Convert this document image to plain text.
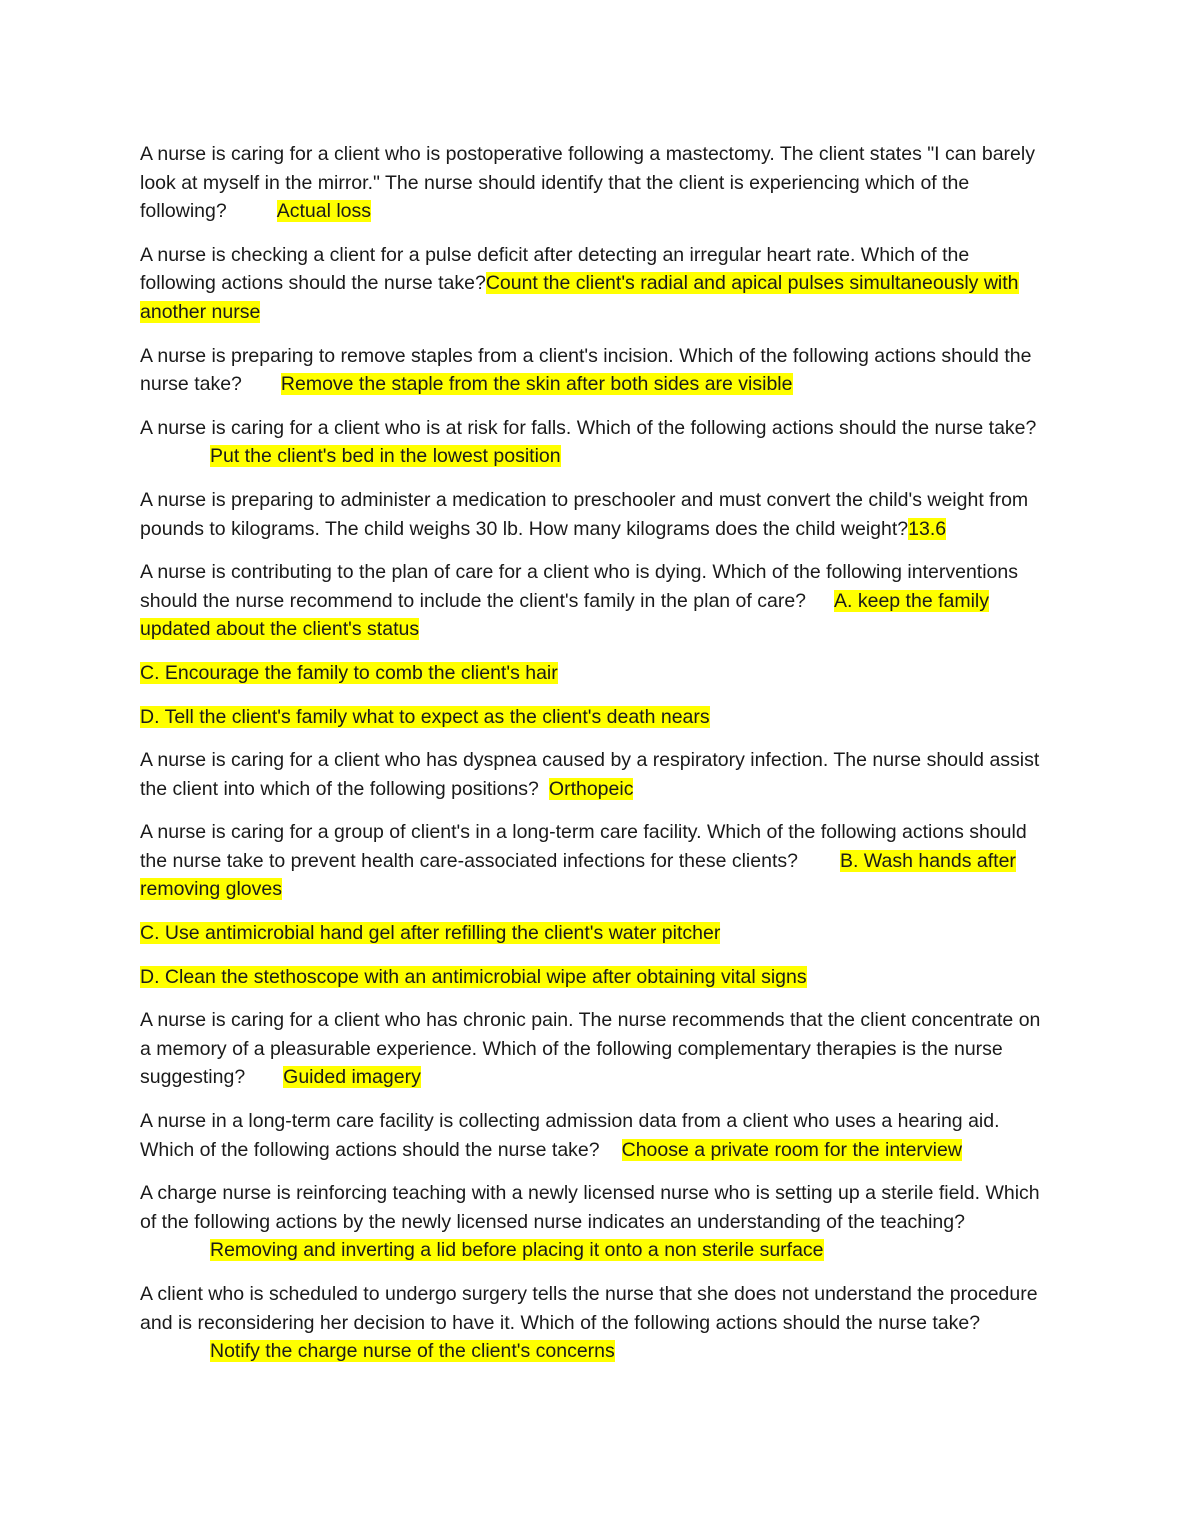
A nurse is caring for a client who is postoperative following a mastectomy. The client states "I can barely look at myself in the mirror." The nurse should identify that the client is experiencing which of the following?	Actual loss

A nurse is checking a client for a pulse deficit after detecting an irregular heart rate. Which of the following actions should the nurse take?Count the client's radial and apical pulses simultaneously with another nurse

A nurse is preparing to remove staples from a client's incision. Which of the following actions should the nurse take? Remove the staple from the skin after both sides are visible

A nurse is caring for a client who is at risk for falls. Which of the following actions should the nurse take?
Put the client's bed in the lowest position

A nurse is preparing to administer a medication to preschooler and must convert the child's weight from pounds to kilograms. The child weighs 30 lb. How many kilograms does the child weight?13.6

A nurse is contributing to the plan of care for a client who is dying. Which of the following interventions should the nurse recommend to include the client's family in the plan of care? A. keep the family updated about the client's status

C. Encourage the family to comb the client's hair

D. Tell the client's family what to expect as the client's death nears

A nurse is caring for a client who has dyspnea caused by a respiratory infection. The nurse should assist the client into which of the following positions? Orthopeic

A nurse is caring for a group of client's in a long-term care facility. Which of the following actions should the nurse take to prevent health care-associated infections for these clients? B. Wash hands after removing gloves

C. Use antimicrobial hand gel after refilling the client's water pitcher

D. Clean the stethoscope with an antimicrobial wipe after obtaining vital signs

A nurse is caring for a client who has chronic pain. The nurse recommends that the client concentrate on a memory of a pleasurable experience. Which of the following complementary therapies is the nurse suggesting? Guided imagery

A nurse in a long-term care facility is collecting admission data from a client who uses a hearing aid. Which of the following actions should the nurse take? Choose a private room for the interview

A charge nurse is reinforcing teaching with a newly licensed nurse who is setting up a sterile field. Which of the following actions by the newly licensed nurse indicates an understanding of the teaching?
Removing and inverting a lid before placing it onto a non sterile surface

A client who is scheduled to undergo surgery tells the nurse that she does not understand the procedure and is reconsidering her decision to have it. Which of the following actions should the nurse take?
Notify the charge nurse of the client's concerns
